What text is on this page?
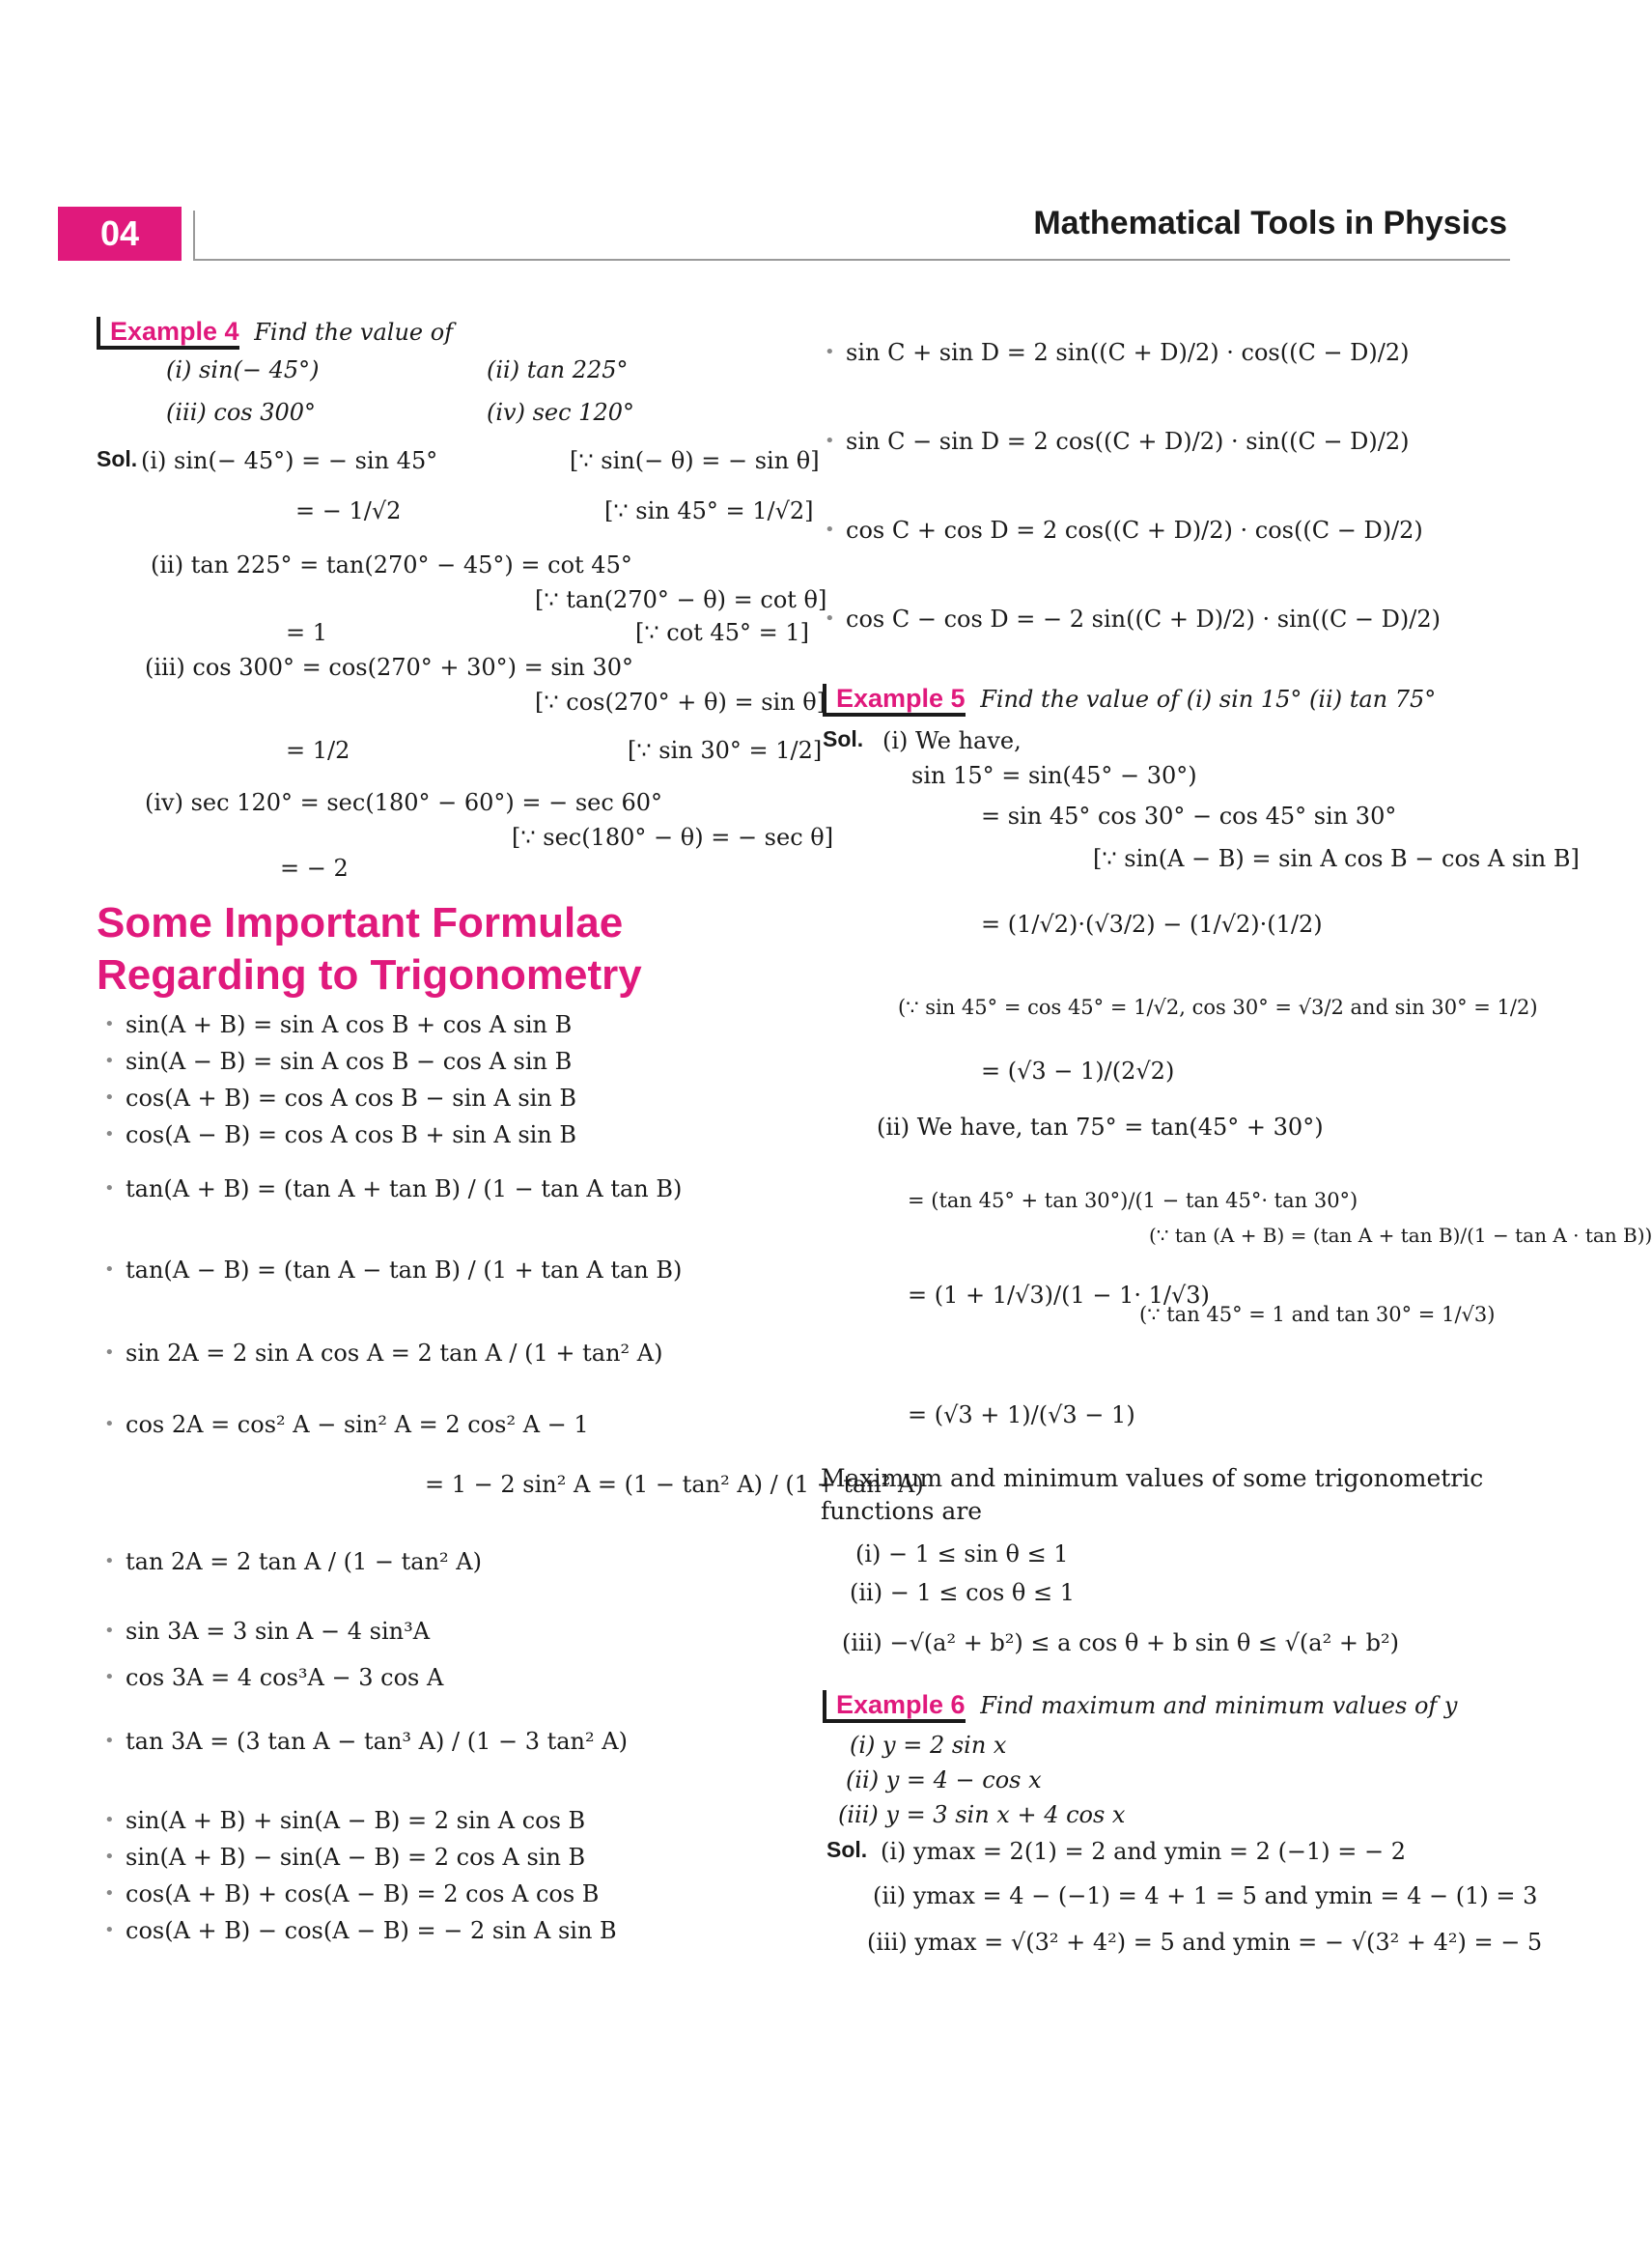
04	Mathematical Tools in Physics
Example 4 Find the value of
(i) sin(− 45°)	(ii) tan 225°
(iii) cos 300°	(iv) sec 120°
Sol. (i) sin(− 45°) = − sin 45°	[∵ sin(− θ) = − sin θ]
= − 1/√2	[∵ sin 45° = 1/√2]
(ii) tan 225° = tan(270° − 45°) = cot 45°
[∵ tan(270° − θ) = cot θ]
= 1	[∵ cot 45° = 1]
(iii) cos 300° = cos(270° + 30°) = sin 30°
[∵ cos(270° + θ) = sin θ]
= 1/2	[∵ sin 30° = 1/2]
(iv) sec 120° = sec(180° − 60°) = − sec 60°
[∵ sec(180° − θ) = − sec θ]
= − 2
Some Important Formulae
Regarding to Trigonometry
• sin(A + B) = sin A cos B + cos A sin B
• sin(A − B) = sin A cos B − cos A sin B
• cos(A + B) = cos A cos B − sin A sin B
• cos(A − B) = cos A cos B + sin A sin B
• tan(A + B) = (tan A + tan B) / (1 − tan A tan B)
• tan(A − B) = (tan A − tan B) / (1 + tan A tan B)
• sin 2A = 2 sin A cos A = 2 tan A / (1 + tan² A)
• cos 2A = cos² A − sin² A = 2 cos² A − 1
= 1 − 2 sin² A = (1 − tan² A) / (1 + tan² A)
• tan 2A = 2 tan A / (1 − tan² A)
• sin 3A = 3 sin A − 4 sin³A
• cos 3A = 4 cos³A − 3 cos A
• tan 3A = (3 tan A − tan³ A) / (1 − 3 tan² A)
• sin(A + B) + sin(A − B) = 2 sin A cos B
• sin(A + B) − sin(A − B) = 2 cos A sin B
• cos(A + B) + cos(A − B) = 2 cos A cos B
• cos(A + B) − cos(A − B) = − 2 sin A sin B
• sin C + sin D = 2 sin((C + D)/2) · cos((C − D)/2)
• sin C − sin D = 2 cos((C + D)/2) · sin((C − D)/2)
• cos C + cos D = 2 cos((C + D)/2) · cos((C − D)/2)
• cos C − cos D = − 2 sin((C + D)/2) · sin((C − D)/2)
Example 5 Find the value of (i) sin 15° (ii) tan 75°
Sol. (i) We have,
sin 15° = sin(45° − 30°)
= sin 45° cos 30° − cos 45° sin 30°
[∵ sin(A − B) = sin A cos B − cos A sin B]
= (1/√2)·(√3/2) − (1/√2)·(1/2)
(∵ sin 45° = cos 45° = 1/√2, cos 30° = √3/2 and sin 30° = 1/2)
= (√3 − 1)/(2√2)
(ii) We have, tan 75° = tan(45° + 30°)
= (tan 45° + tan 30°)/(1 − tan 45°· tan 30°)
(∵ tan (A + B) = (tan A + tan B)/(1 − tan A · tan B))
= (1 + 1/√3)/(1 − 1· 1/√3)
(∵ tan 45° = 1 and tan 30° = 1/√3)
= (√3 + 1)/(√3 − 1)
Maximum and minimum values of some trigonometric functions are
(i) − 1 ≤ sin θ ≤ 1
(ii) − 1 ≤ cos θ ≤ 1
(iii) −√(a² + b²) ≤ a cos θ + b sin θ ≤ √(a² + b²)
Example 6 Find maximum and minimum values of y
(i) y = 2 sin x
(ii) y = 4 − cos x
(iii) y = 3 sin x + 4 cos x
Sol. (i) ymax = 2(1) = 2 and ymin = 2 (−1) = − 2
(ii) ymax = 4 − (−1) = 4 + 1 = 5 and ymin = 4 − (1) = 3
(iii) ymax = √(3² + 4²) = 5 and ymin = − √(3² + 4²) = − 5
